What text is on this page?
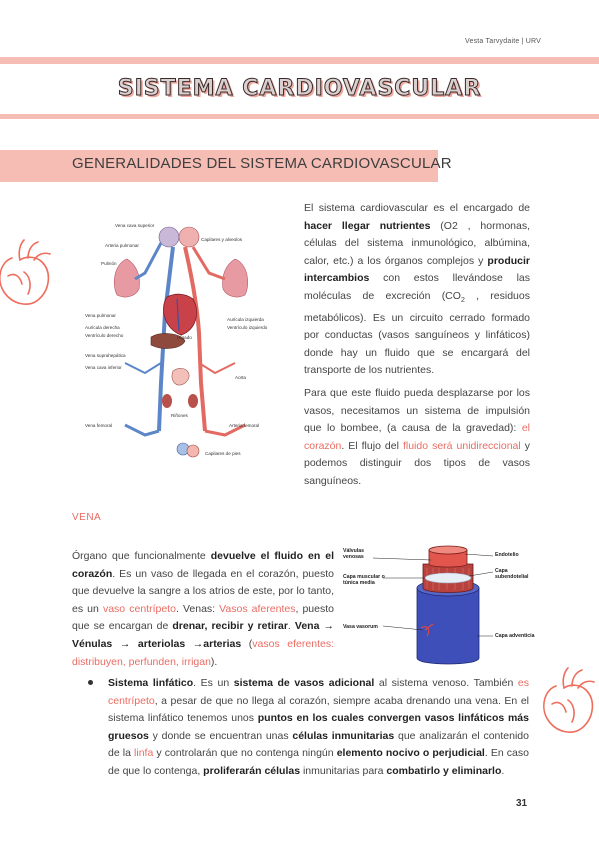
Vesta Tarvydaite | URV
SISTEMA CARDIOVASCULAR
GENERALIDADES DEL SISTEMA CARDIOVASCULAR
Vena cava superior
Arteria pulmonar
Pulmón
Capilares y alveolos
Vena pulmonar
Aurícula derecha
Ventrículo derecho
Aurícula izquierda
Ventrículo izquierdo
Vena suprahepática
Vena cava inferior
Hígado
Aorta
Riñones
Vena femoral	Arteria femoral
Capilares de pies

El sistema cardiovascular es el encargado de hacer llegar nutrientes (O2 , hormonas, células del sistema inmunológico, albúmina, calor, etc.) a los órganos complejos y producir intercambios con estos llevándose las moléculas de excreción ($CO_2$ , residuos metabólicos). Es un circuito cerrado formado por conductas (vasos sanguíneos y linfáticos) donde hay un fluido que se encargará del transporte de los nutrientes.

Para que este fluido pueda desplazarse por los vasos, necesitamos un sistema de impulsión que lo bombee, (a causa de la gravedad): el corazón. El flujo del fluido será unidireccional y podemos distinguir dos tipos de vasos sanguíneos.

VENA

Órgano que funcionalmente devuelve el fluido en el corazón. Es un vaso de llegada en el corazón, puesto que devuelve la sangre a los atrios de este, por lo tanto, es un vaso centrípeto. Venas: Vasos aferentes, puesto que se encargan de drenar, recibir y retirar. Vena → Vénulas → arteriolas →arterias (vasos eferentes: distribuyen, perfunden, irrigan).

Válvulas venosas	Endotelio
Capa subendotelial
Capa muscular o túnica media
Vasa vasorum
Capa adventicia

Sistema linfático. Es un sistema de vasos adicional al sistema venoso. También es centrípeto, a pesar de que no llega al corazón, siempre acaba drenando una vena. En el sistema linfático tenemos unos puntos en los cuales convergen vasos linfáticos más gruesos y donde se encuentran unas células inmunitarias que analizarán el contenido de la linfa y controlarán que no contenga ningún elemento nocivo o perjudicial. En caso de que lo contenga, proliferarán células inmunitarias para combatirlo y eliminarlo.

31
